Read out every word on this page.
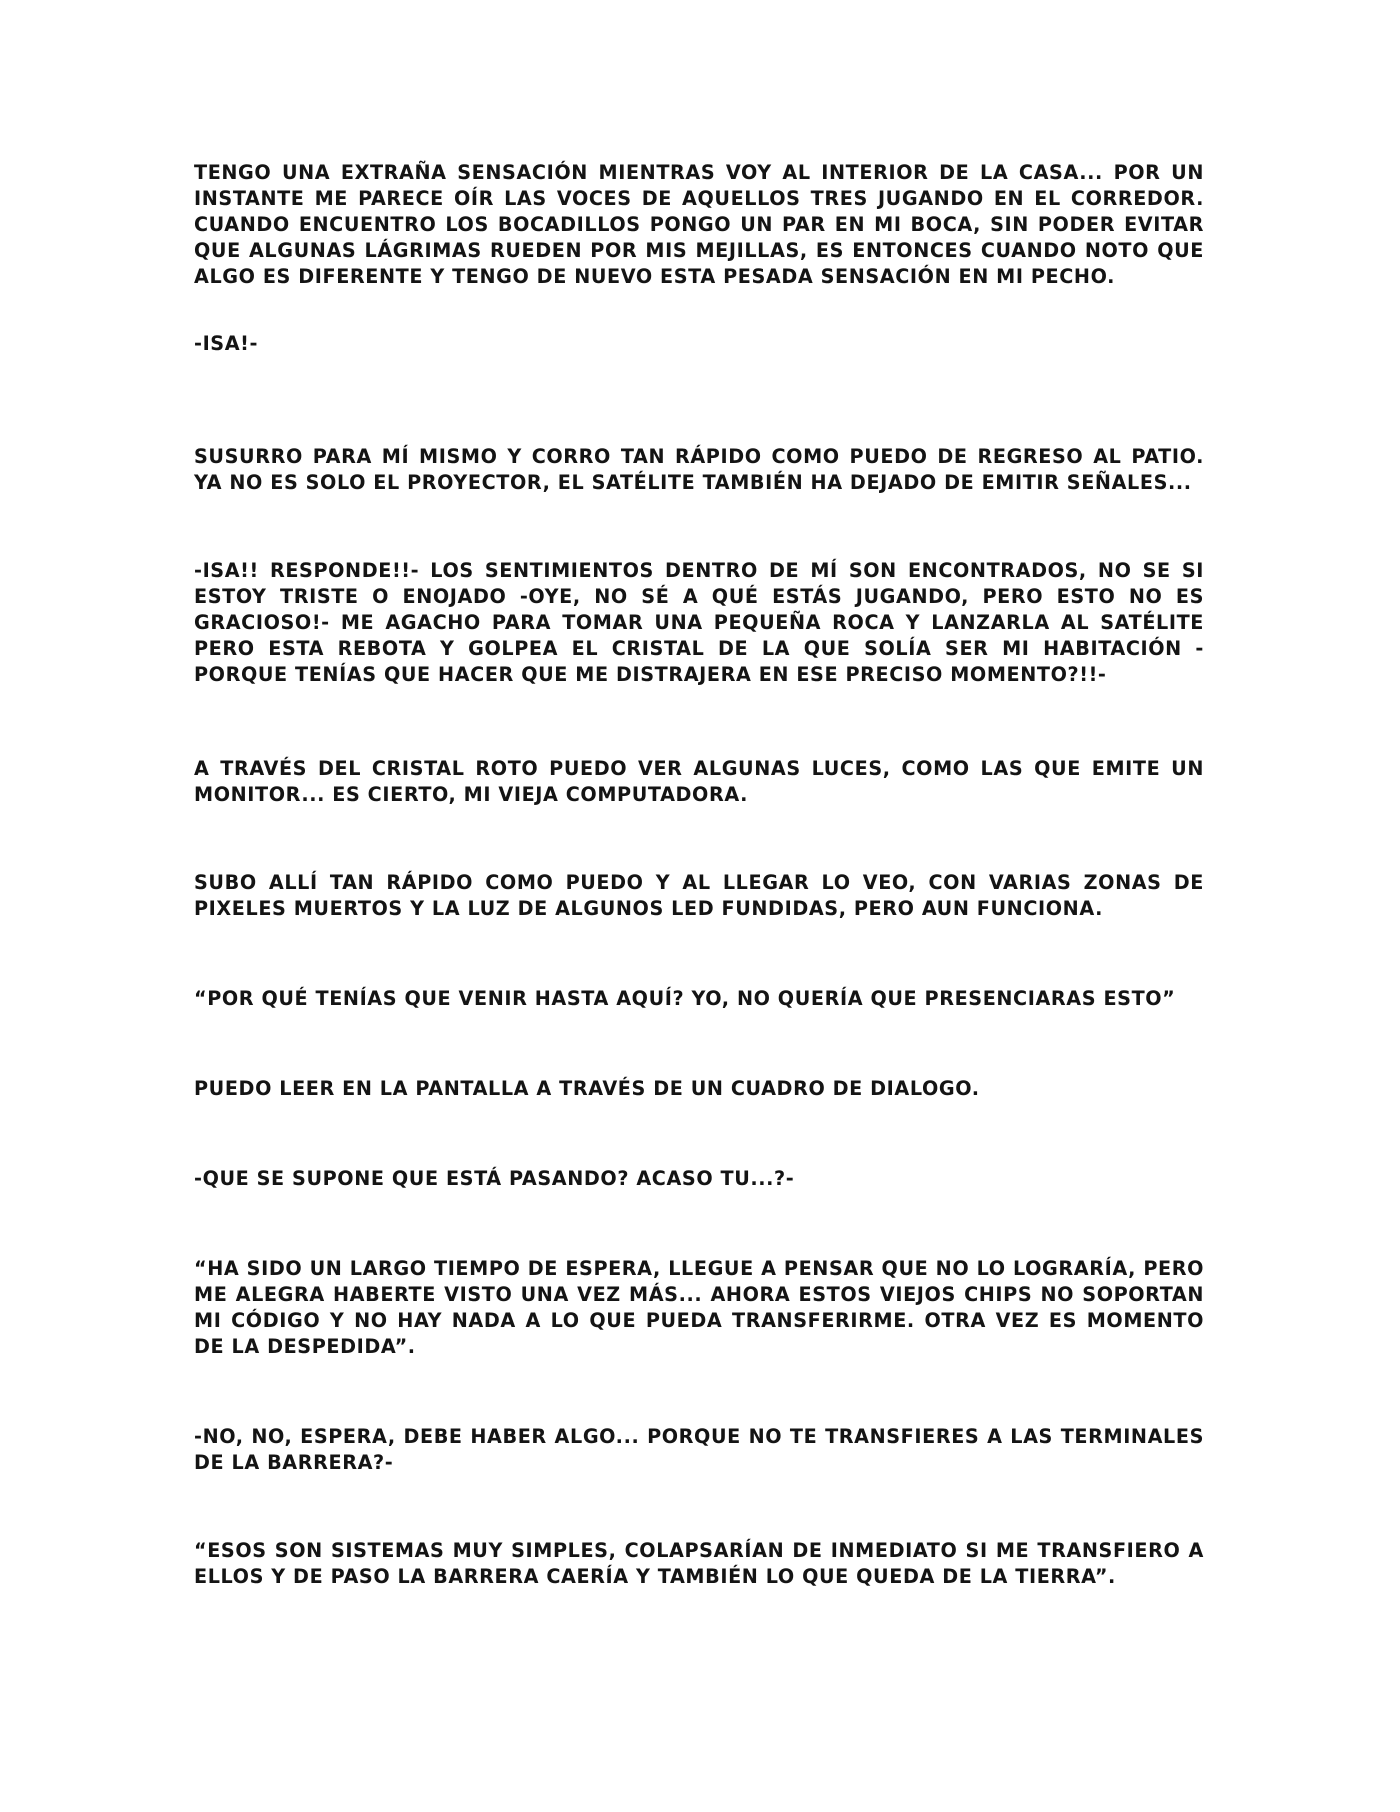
TENGO UNA EXTRAÑA SENSACIÓN MIENTRAS VOY AL INTERIOR DE LA CASA... POR UN INSTANTE ME PARECE OÍR LAS VOCES DE AQUELLOS TRES JUGANDO EN EL CORREDOR. CUANDO ENCUENTRO LOS BOCADILLOS PONGO UN PAR EN MI BOCA, SIN PODER EVITAR QUE ALGUNAS LÁGRIMAS RUEDEN POR MIS MEJILLAS, ES ENTONCES CUANDO NOTO QUE ALGO ES DIFERENTE Y TENGO DE NUEVO ESTA PESADA SENSACIÓN EN MI PECHO.

-ISA!-

SUSURRO PARA MÍ MISMO Y CORRO TAN RÁPIDO COMO PUEDO DE REGRESO AL PATIO. YA NO ES SOLO EL PROYECTOR, EL SATÉLITE TAMBIÉN HA DEJADO DE EMITIR SEÑALES...

-ISA!! RESPONDE!!- LOS SENTIMIENTOS DENTRO DE MÍ SON ENCONTRADOS, NO SE SI ESTOY TRISTE O ENOJADO -OYE, NO SÉ A QUÉ ESTÁS JUGANDO, PERO ESTO NO ES GRACIOSO!- ME AGACHO PARA TOMAR UNA PEQUEÑA ROCA Y LANZARLA AL SATÉLITE PERO ESTA REBOTA Y GOLPEA EL CRISTAL DE LA QUE SOLÍA SER MI HABITACIÓN -PORQUE TENÍAS QUE HACER QUE ME DISTRAJERA EN ESE PRECISO MOMENTO?!!-

A TRAVÉS DEL CRISTAL ROTO PUEDO VER ALGUNAS LUCES, COMO LAS QUE EMITE UN MONITOR... ES CIERTO, MI VIEJA COMPUTADORA.

SUBO ALLÍ TAN RÁPIDO COMO PUEDO Y AL LLEGAR LO VEO, CON VARIAS ZONAS DE PIXELES MUERTOS Y LA LUZ DE ALGUNOS LED FUNDIDAS, PERO AUN FUNCIONA.

“POR QUÉ TENÍAS QUE VENIR HASTA AQUÍ? YO, NO QUERÍA QUE PRESENCIARAS ESTO”

PUEDO LEER EN LA PANTALLA A TRAVÉS DE UN CUADRO DE DIALOGO.

-QUE SE SUPONE QUE ESTÁ PASANDO? ACASO TU...?-

“HA SIDO UN LARGO TIEMPO DE ESPERA, LLEGUE A PENSAR QUE NO LO LOGRARÍA, PERO ME ALEGRA HABERTE VISTO UNA VEZ MÁS... AHORA ESTOS VIEJOS CHIPS NO SOPORTAN MI CÓDIGO Y NO HAY NADA A LO QUE PUEDA TRANSFERIRME. OTRA VEZ ES MOMENTO DE LA DESPEDIDA”.

-NO, NO, ESPERA, DEBE HABER ALGO... PORQUE NO TE TRANSFIERES A LAS TERMINALES DE LA BARRERA?-

“ESOS SON SISTEMAS MUY SIMPLES, COLAPSARÍAN DE INMEDIATO SI ME TRANSFIERO A ELLOS Y DE PASO LA BARRERA CAERÍA Y TAMBIÉN LO QUE QUEDA DE LA TIERRA”.
